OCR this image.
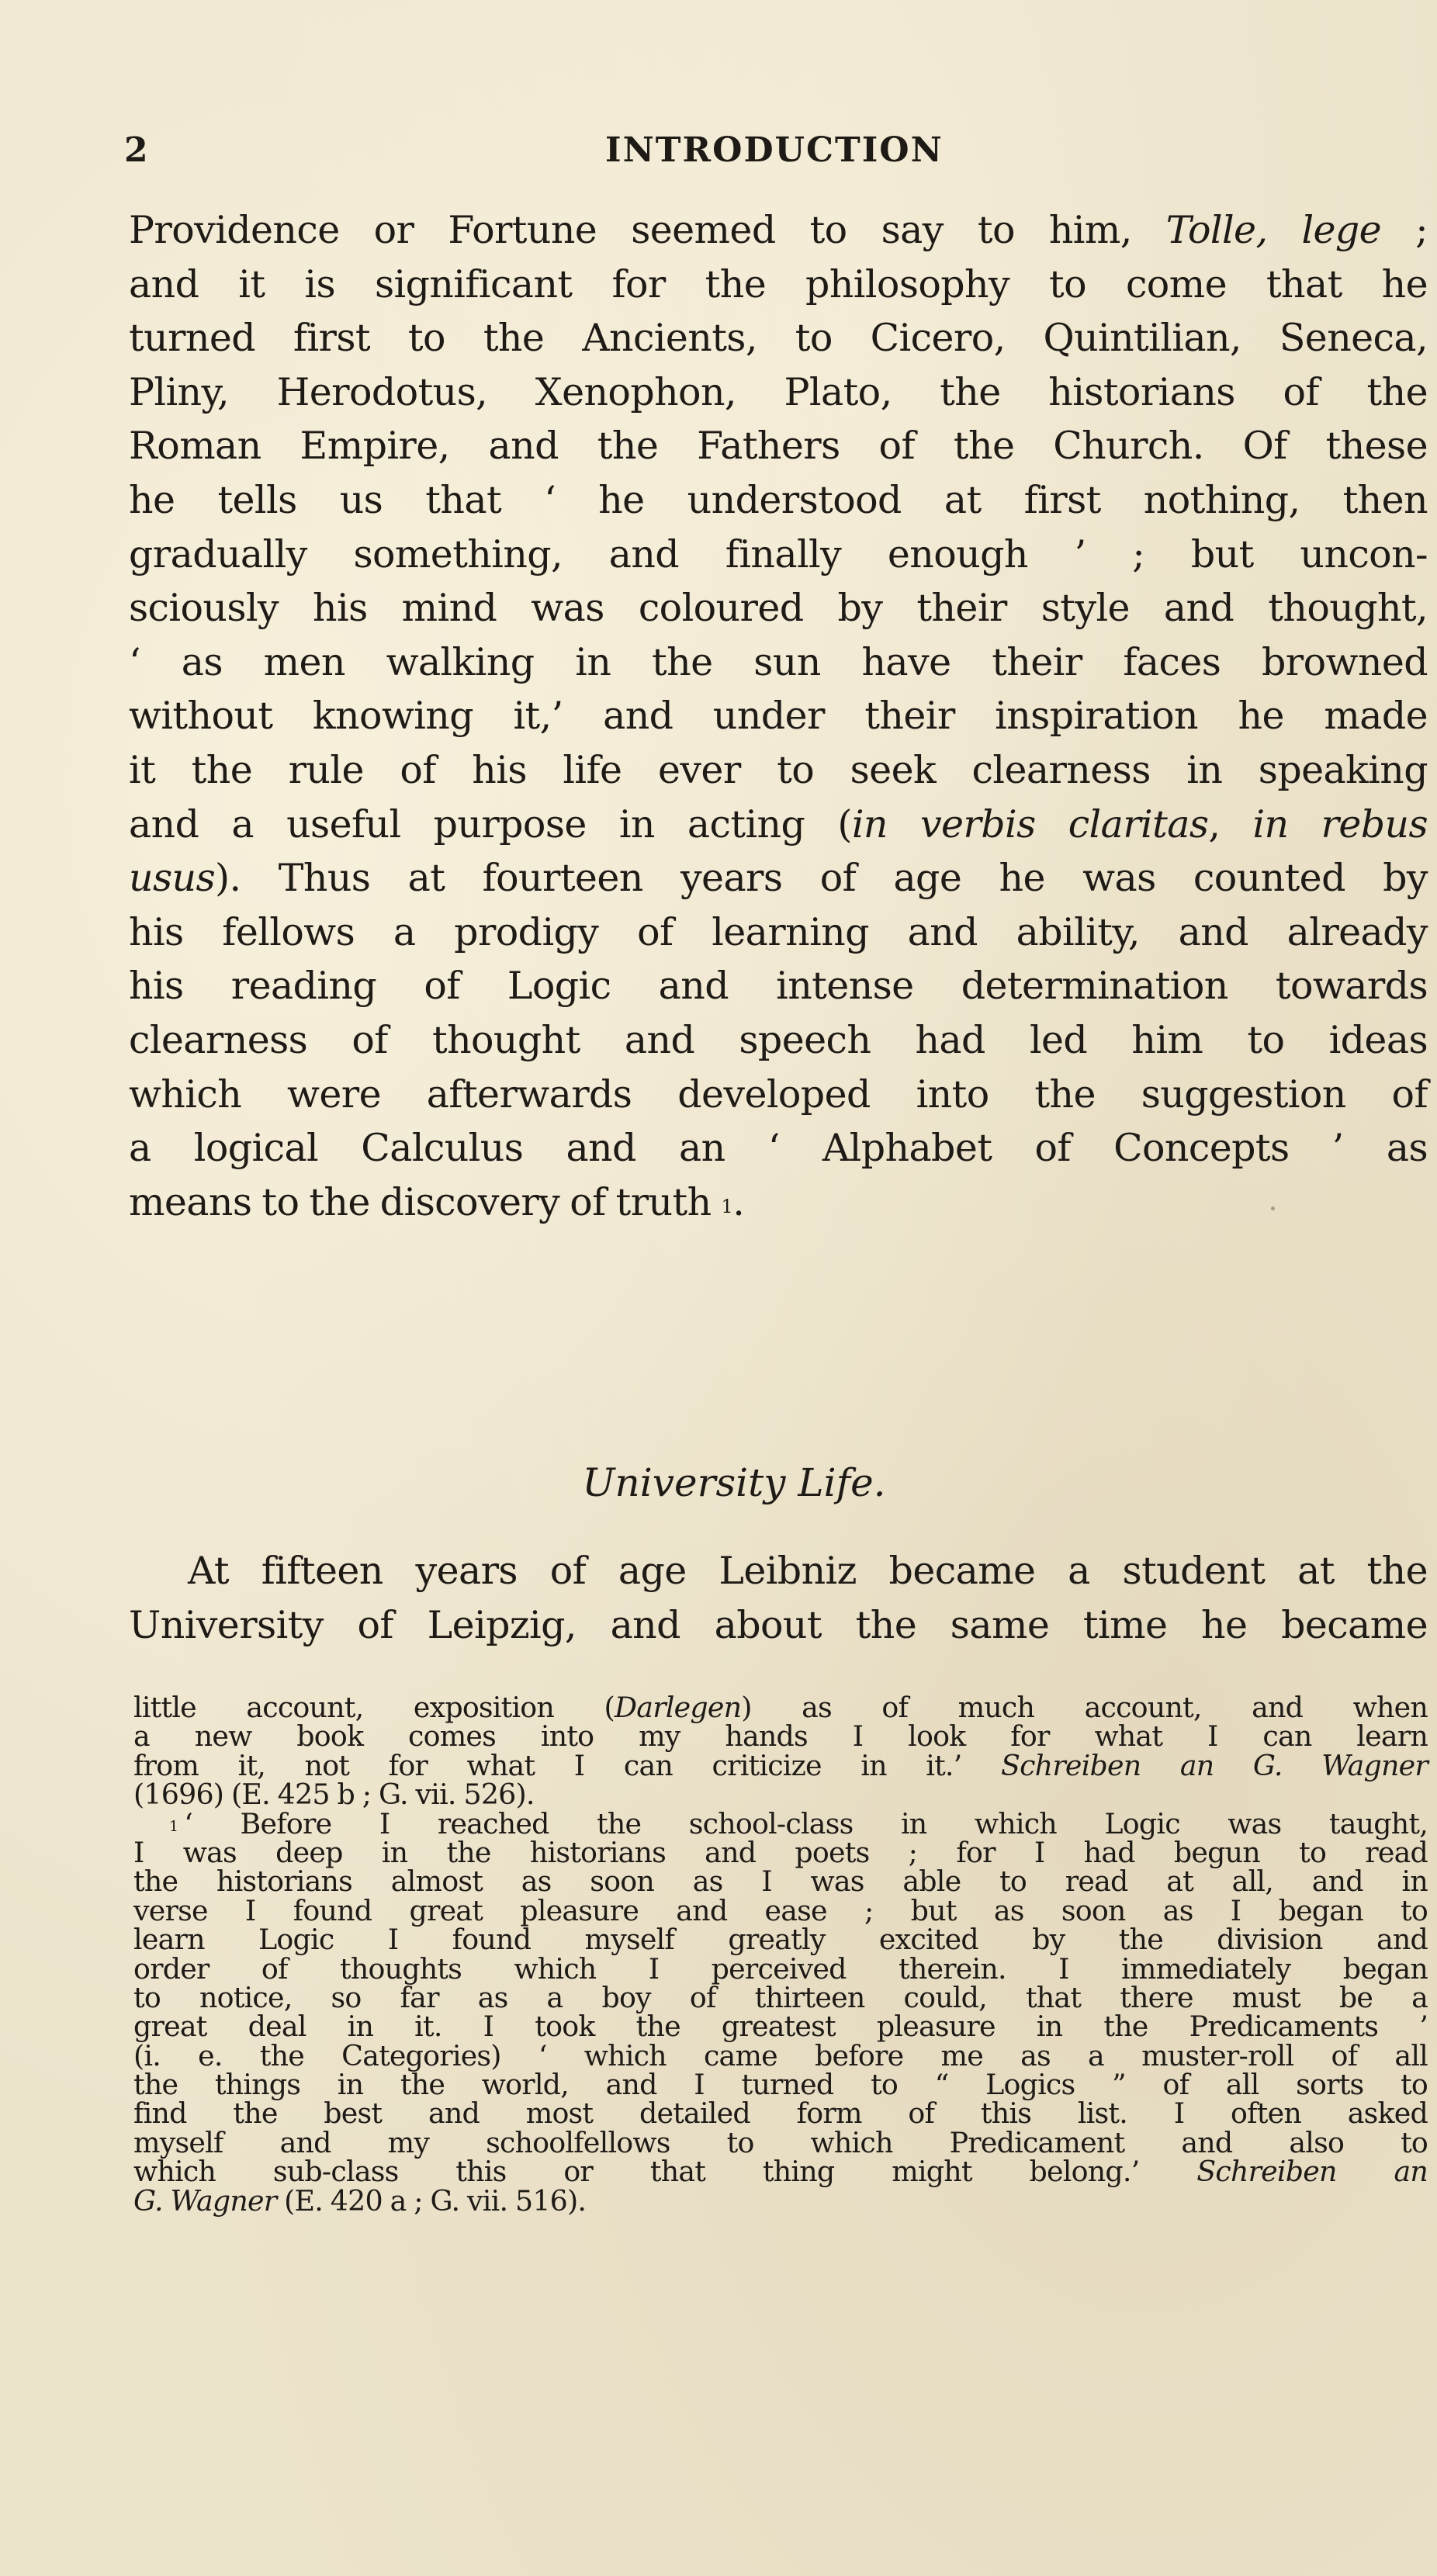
2	INTRODUCTION
Providence or Fortune seemed to say to him, Tolle, lege ;
and it is significant for the philosophy to come that he
turned first to the Ancients, to Cicero, Quintilian, Seneca,
Pliny, Herodotus, Xenophon, Plato, the historians of the
Roman Empire, and the Fathers of the Church. Of these
he tells us that ‘ he understood at first nothing, then
gradually something, and finally enough ’ ; but uncon-
sciously his mind was coloured by their style and thought,
‘ as men walking in the sun have their faces browned
without knowing it,’ and under their inspiration he made
it the rule of his life ever to seek clearness in speaking
and a useful purpose in acting (in verbis claritas, in rebus
usus). Thus at fourteen years of age he was counted by
his fellows a prodigy of learning and ability, and already
his reading of Logic and intense determination towards
clearness of thought and speech had led him to ideas
which were afterwards developed into the suggestion of
a logical Calculus and an ‘ Alphabet of Concepts ’ as
means to the discovery of truth $^1$.
University Life.
At fifteen years of age Leibniz became a student at the
University of Leipzig, and about the same time he became
little account, exposition (Darlegen) as of much account, and when
a new book comes into my hands I look for what I can learn
from it, not for what I can criticize in it.’ Schreiben an G. Wagner
(1696) (E. 425 b ; G. vii. 526).
$^1$ ‘ Before I reached the school-class in which Logic was taught,
I was deep in the historians and poets ; for I had begun to read
the historians almost as soon as I was able to read at all, and in
verse I found great pleasure and ease ; but as soon as I began to
learn Logic I found myself greatly excited by the division and
order of thoughts which I perceived therein. I immediately began
to notice, so far as a boy of thirteen could, that there must be a
great deal in it. I took the greatest pleasure in the Predicaments ’
(i. e. the Categories) ‘ which came before me as a muster-roll of all
the things in the world, and I turned to “ Logics ” of all sorts to
find the best and most detailed form of this list. I often asked
myself and my schoolfellows to which Predicament and also to
which sub-class this or that thing might belong.’ Schreiben an
G. Wagner (E. 420 a ; G. vii. 516).
